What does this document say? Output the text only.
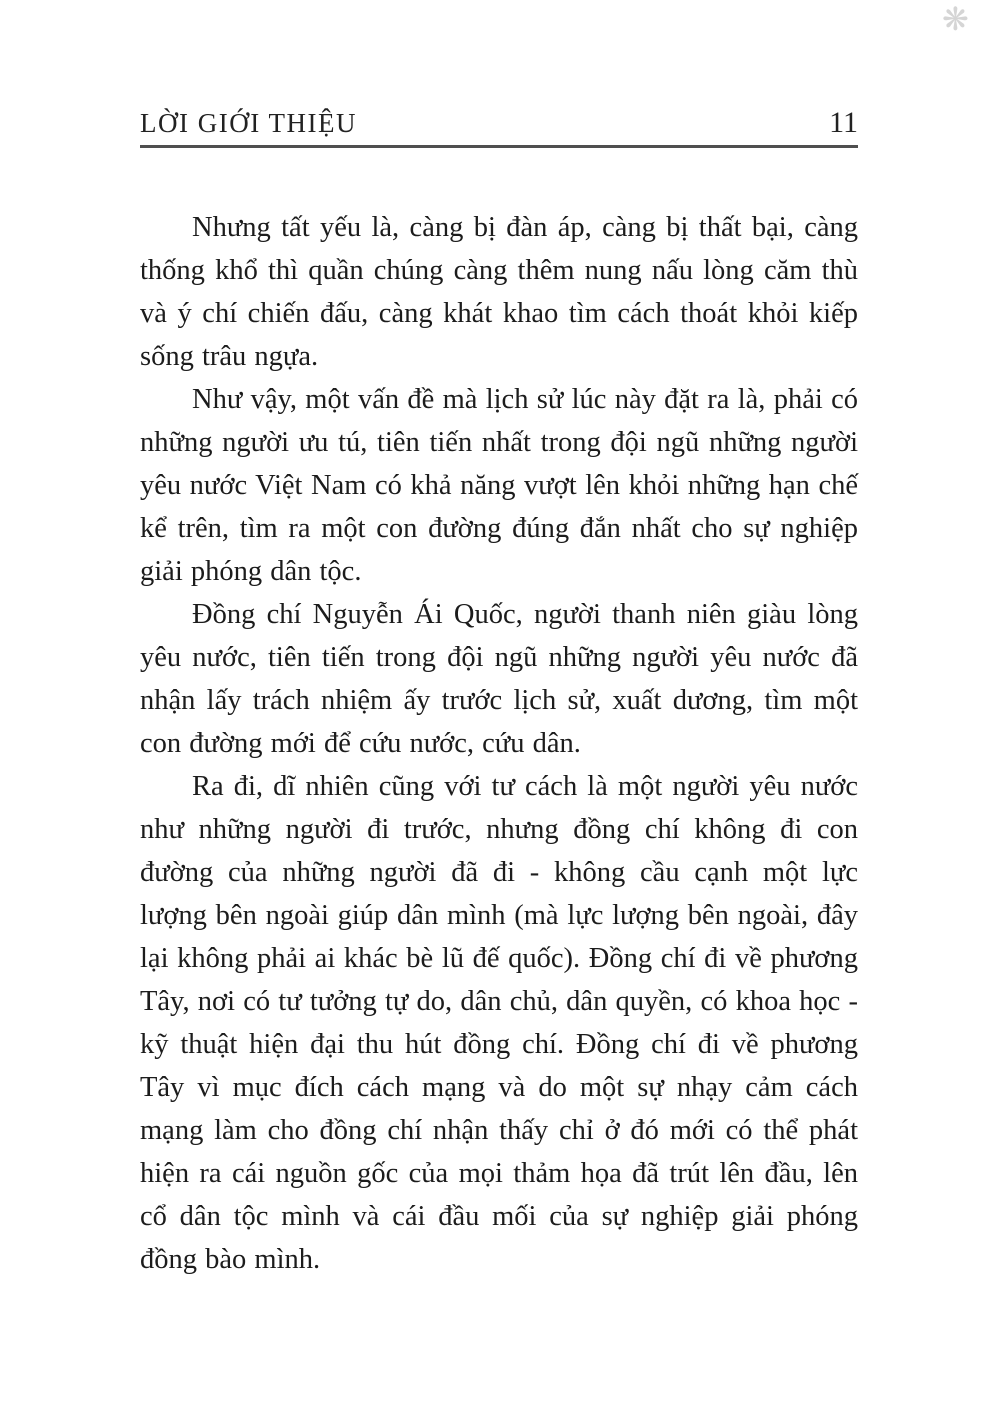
❋
LỜI GIỚI THIỆU	11

Nhưng tất yếu là, càng bị đàn áp, càng bị thất bại, càng thống khổ thì quần chúng càng thêm nung nấu lòng căm thù và ý chí chiến đấu, càng khát khao tìm cách thoát khỏi kiếp sống trâu ngựa.

Như vậy, một vấn đề mà lịch sử lúc này đặt ra là, phải có những người ưu tú, tiên tiến nhất trong đội ngũ những người yêu nước Việt Nam có khả năng vượt lên khỏi những hạn chế kể trên, tìm ra một con đường đúng đắn nhất cho sự nghiệp giải phóng dân tộc.

Đồng chí Nguyễn Ái Quốc, người thanh niên giàu lòng yêu nước, tiên tiến trong đội ngũ những người yêu nước đã nhận lấy trách nhiệm ấy trước lịch sử, xuất dương, tìm một con đường mới để cứu nước, cứu dân.

Ra đi, dĩ nhiên cũng với tư cách là một người yêu nước như những người đi trước, nhưng đồng chí không đi con đường của những người đã đi - không cầu cạnh một lực lượng bên ngoài giúp dân mình (mà lực lượng bên ngoài, đây lại không phải ai khác bè lũ đế quốc). Đồng chí đi về phương Tây, nơi có tư tưởng tự do, dân chủ, dân quyền, có khoa học - kỹ thuật hiện đại thu hút đồng chí. Đồng chí đi về phương Tây vì mục đích cách mạng và do một sự nhạy cảm cách mạng làm cho đồng chí nhận thấy chỉ ở đó mới có thể phát hiện ra cái nguồn gốc của mọi thảm họa đã trút lên đầu, lên cổ dân tộc mình và cái đầu mối của sự nghiệp giải phóng đồng bào mình.
